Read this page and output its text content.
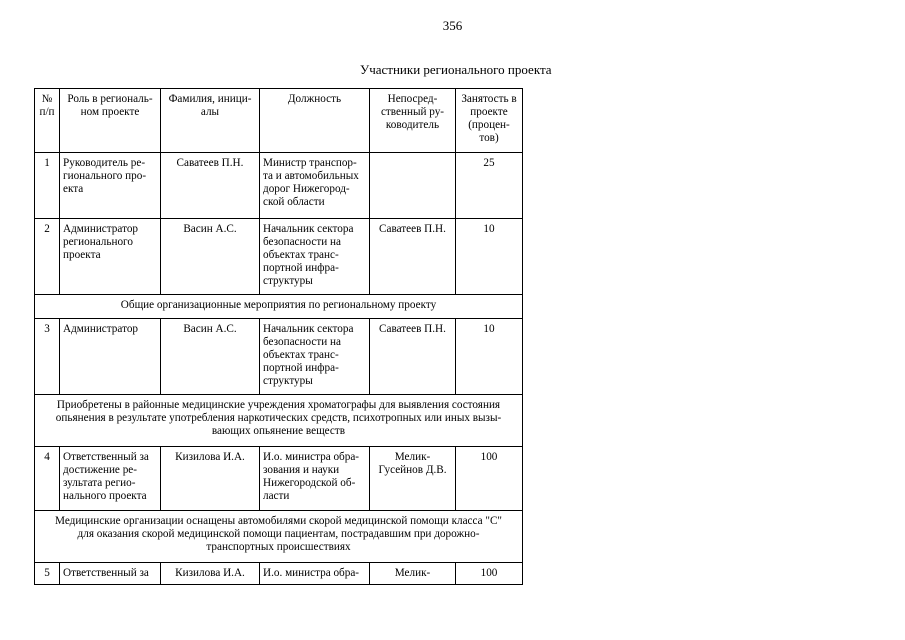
356
Участники регионального проекта
№
п/п	Роль в региональ-
ном проекте	Фамилия, иници-
алы	Должность	Непосред-
ственный ру-
ководитель	Занятость в
проекте
(процен-
тов)

1	Руководитель ре-
гионального про-
екта	Саватеев П.Н.	Министр транспор-
та и автомобильных
дорог Нижегород-
ской области		25

2	Администратор
регионального
проекта	Васин А.С.	Начальник сектора
безопасности на
объектах транс-
портной инфра-
структуры	Саватеев П.Н.	10

Общие организационные мероприятия по региональному проекту					

3	Администратор	Васин А.С.	Начальник сектора
безопасности на
объектах транс-
портной инфра-
структуры	Саватеев П.Н.	10

Приобретены в районные медицинские учреждения хроматографы для выявления состояния
опьянения в результате употребления наркотических средств, психотропных или иных вызы-
вающих опьянение веществ					

4	Ответственный за
достижение ре-
зультата регио-
нального проекта	Кизилова И.А.	И.о. министра обра-
зования и науки
Нижегородской об-
ласти	Мелик-
Гусейнов Д.В.	100

Медицинские организации оснащены автомобилями скорой медицинской помощи класса "С"
для оказания скорой медицинской помощи пациентам, пострадавшим при дорожно-
транспортных происшествиях					

5	Ответственный за	Кизилова И.А.	И.о. министра обра-	Мелик-	100
